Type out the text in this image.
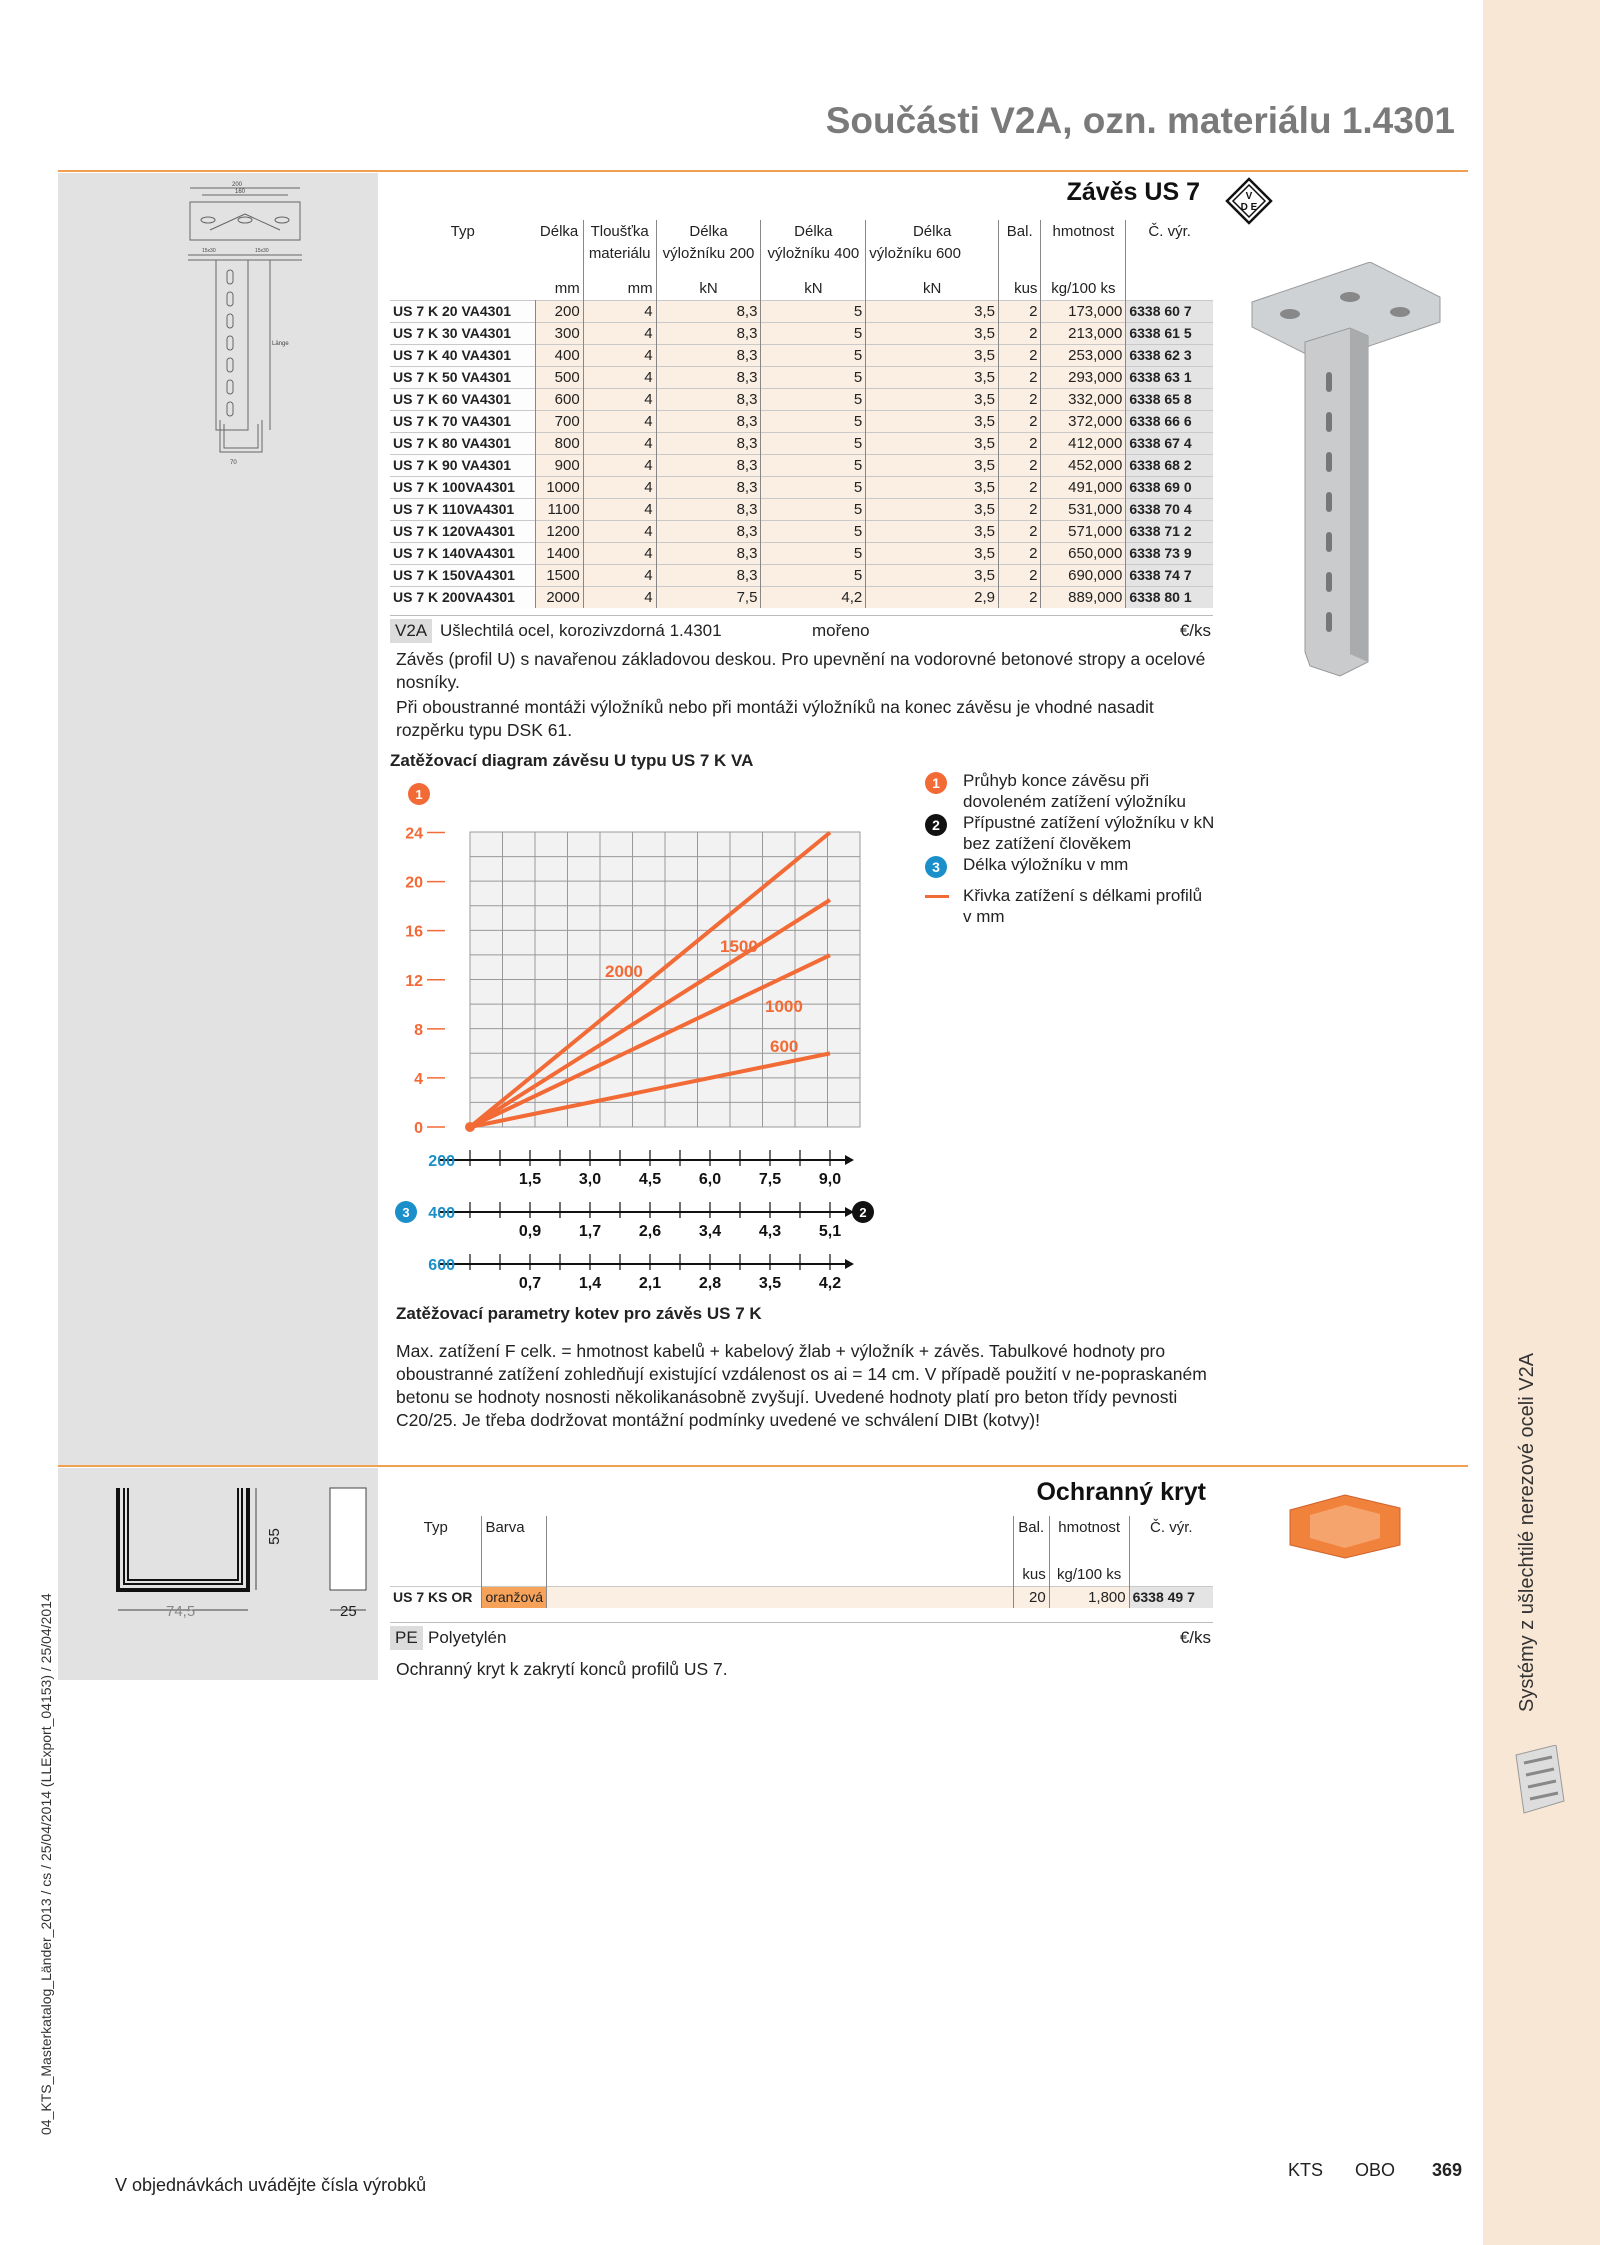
Systémy z ušlechtilé nerezové oceli V2A
04_KTS_Masterkatalog_Länder_2013 / cs / 25/04/2014 (LLExport_04153) / 25/04/2014
Součásti V2A, ozn. materiálu 1.4301
200
160
15x30	15x30
Länge
70
Závěs US 7	V
D E
Typ	Délka	Tloušťka	Délka	Délka	Délka	Bal.	hmotnost	Č. výr.
		materiálu	výložníku 200	výložníku 400	výložníku 600			

	mm	mm	kN	kN	kN	kus	kg/100 ks	
US 7 K 20 VA4301	200	4	8,3	5	3,5	2	173,000	6338 60 7
US 7 K 30 VA4301	300	4	8,3	5	3,5	2	213,000	6338 61 5
US 7 K 40 VA4301	400	4	8,3	5	3,5	2	253,000	6338 62 3
US 7 K 50 VA4301	500	4	8,3	5	3,5	2	293,000	6338 63 1
US 7 K 60 VA4301	600	4	8,3	5	3,5	2	332,000	6338 65 8
US 7 K 70 VA4301	700	4	8,3	5	3,5	2	372,000	6338 66 6
US 7 K 80 VA4301	800	4	8,3	5	3,5	2	412,000	6338 67 4
US 7 K 90 VA4301	900	4	8,3	5	3,5	2	452,000	6338 68 2
US 7 K 100VA4301	1000	4	8,3	5	3,5	2	491,000	6338 69 0
US 7 K 110VA4301	1100	4	8,3	5	3,5	2	531,000	6338 70 4
US 7 K 120VA4301	1200	4	8,3	5	3,5	2	571,000	6338 71 2
US 7 K 140VA4301	1400	4	8,3	5	3,5	2	650,000	6338 73 9
US 7 K 150VA4301	1500	4	8,3	5	3,5	2	690,000	6338 74 7
US 7 K 200VA4301	2000	4	7,5	4,2	2,9	2	889,000	6338 80 1
V2A Ušlechtilá ocel, korozivzdorná 1.4301	mořeno	€/ks
Závěs (profil U) s navařenou základovou deskou. Pro upevnění na vodorovné betonové stropy a ocelové nosníky.
Při oboustranné montáži výložníků nebo při montáži výložníků na konec závěsu je vhodné nasadit rozpěrku typu DSK 61.
Zatěžovací diagram závěsu U typu US 7 K VA
24
20
16
12
8
4
0
1
2000
1500
1000
600
200
1,5 3,0 4,5 6,0 7,5 9,0
400
0,9 1,7 2,6 3,4 4,3 5,1
600
0,7 1,4 2,1 2,8 3,5 4,2
3	2
1	Průhyb konce závěsu při dovoleném zatížení výložníku
2	Přípustné zatížení výložníku v kN bez zatížení člověkem
3	Délka výložníku v mm
Křivka zatížení s délkami profilů v mm
Zatěžovací parametry kotev pro závěs US 7 K
Max. zatížení F celk. = hmotnost kabelů + kabelový žlab + výložník + závěs. Tabulkové hodnoty pro oboustranné zatížení zohledňují existující vzdálenost os ai = 14 cm. V případě použití v ne-popraskaném betonu se hodnoty nosnosti několikanásobně zvyšují. Uvedené hodnoty platí pro beton třídy pevnosti C20/25. Je třeba dodržovat montážní podmínky uvedené ve schválení DIBt (kotvy)!
55
74,5	25
Ochranný kryt
Typ	Barva		Bal.	hmotnost	Č. výr.

			kus	kg/100 ks	
US 7 KS OR	oranžová		20	1,800	6338 49 7
PE Polyetylén	€/ks
Ochranný kryt k zakrytí konců profilů US 7.
V objednávkách uvádějte čísla výrobků
KTS OBO 369
